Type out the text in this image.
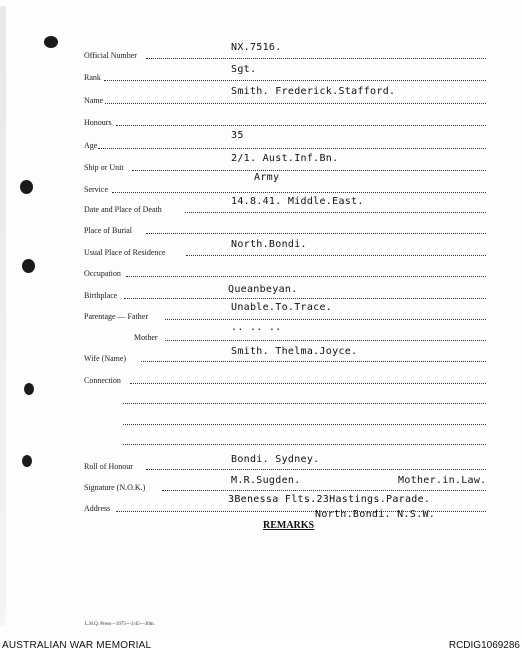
Official Number
NX.7516.
Rank
Sgt.
Name
Smith. Frederick.Stafford.
Honours
Age
35
Ship or Unit
2/1. Aust.Inf.Bn.
Service
Army
Date and Place of Death
14.8.41. Middle.East.
Place of Burial
Usual Place of Residence
North.Bondi.
Occupation
Birthplace
Queanbeyan.
Parentage — Father
Unable.To.Trace.
Mother
.. .. ..
Wife (Name)
Smith. Thelma.Joyce.
Connection
Roll of Honour
Bondi. Sydney.
Signature (N.O.K.)
M.R.Sugden.	Mother.in.Law.
Address
3Benessa Flts.23Hastings.Parade.
North.Bondi. N.S.W.
REMARKS
L.H.Q. Press—1975—1/45—30m.
AUSTRALIAN WAR MEMORIAL	RCDIG1069286
